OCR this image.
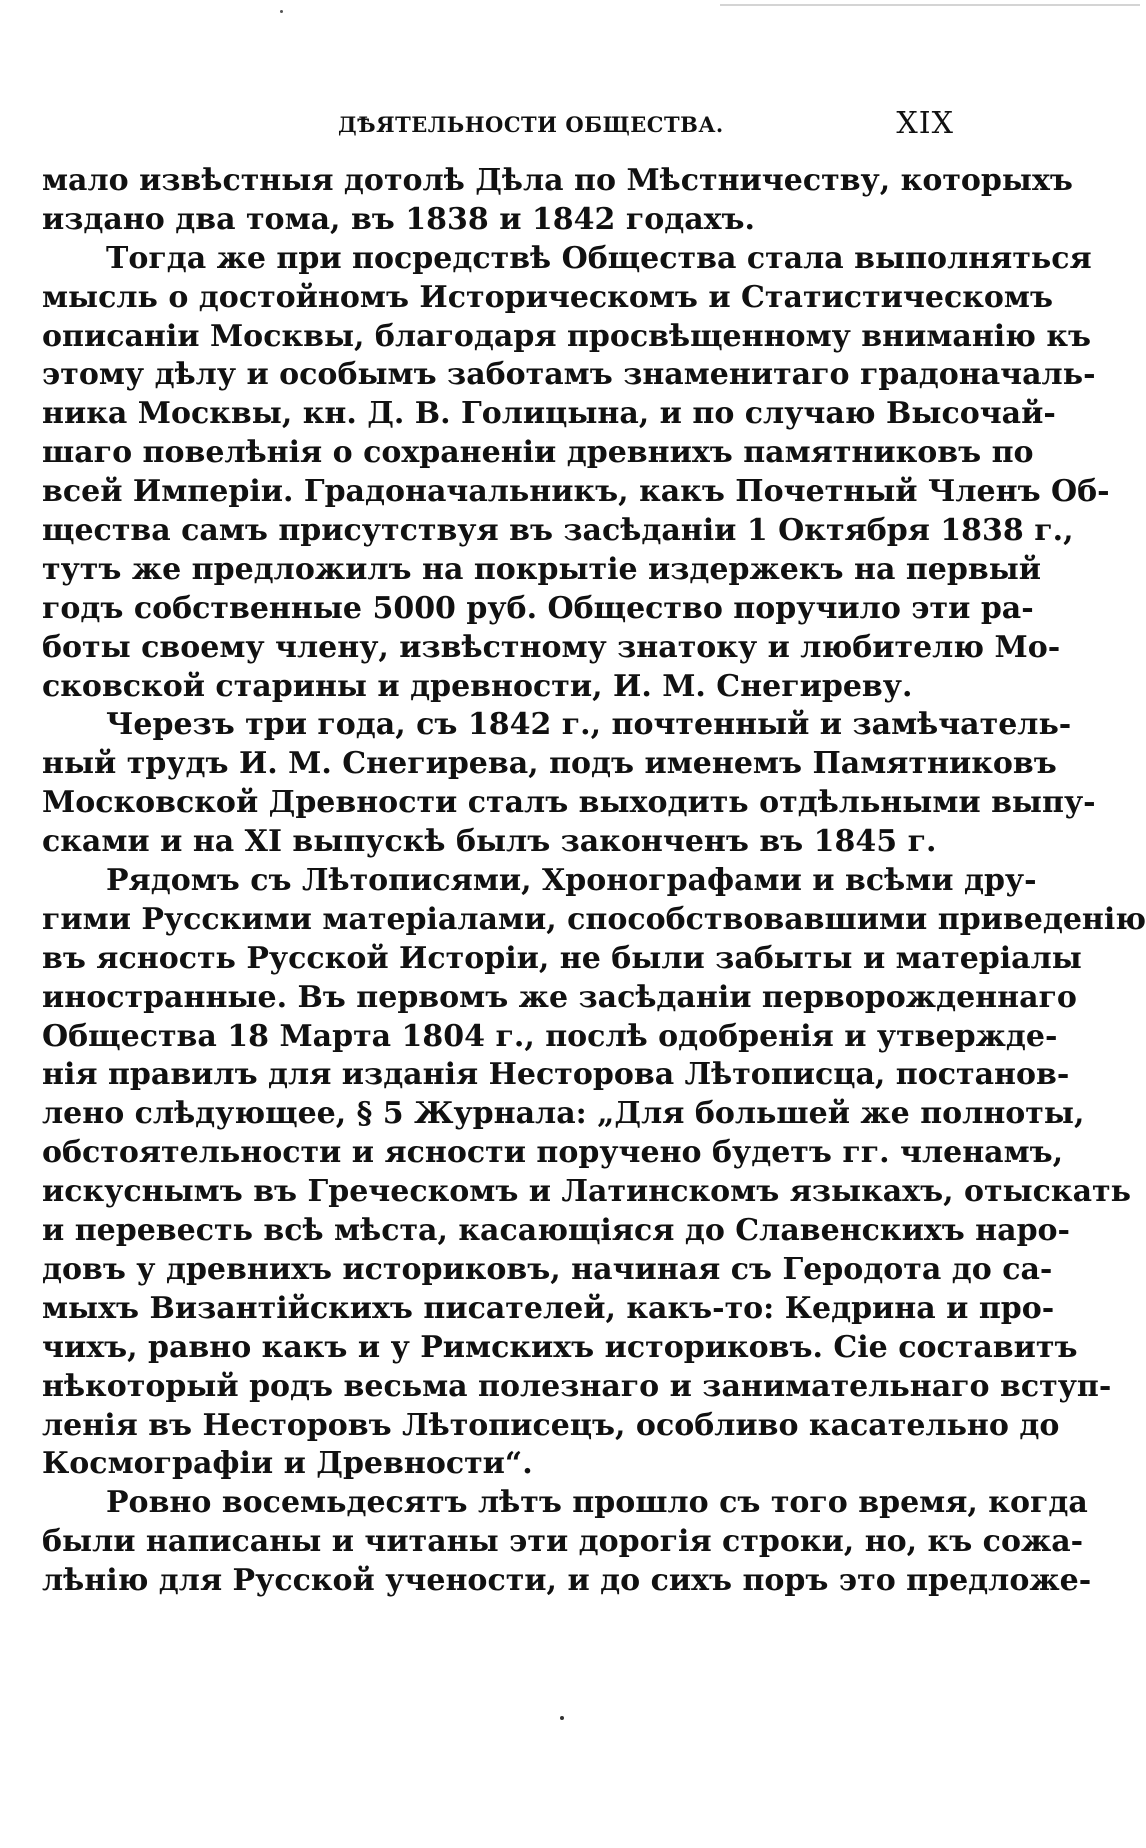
ДѢЯТЕЛЬНОСТИ ОБЩЕСТВА.	XIX
мало извѣстныя дотолѣ Дѣла по Мѣстничеству, которыхъ
издано два тома, въ 1838 и 1842 годахъ.
Тогда же при посредствѣ Общества стала выполняться
мысль о достойномъ Историческомъ и Статистическомъ
описаніи Москвы, благодаря просвѣщенному вниманію къ
этому дѣлу и особымъ заботамъ знаменитаго градоначаль-
ника Москвы, кн. Д. В. Голицына, и по случаю Высочай-
шаго повелѣнія о сохраненіи древнихъ памятниковъ по
всей Имперіи. Градоначальникъ, какъ Почетный Членъ Об-
щества самъ присутствуя въ засѣданіи 1 Октября 1838 г.,
тутъ же предложилъ на покрытіе издержекъ на первый
годъ собственные 5000 руб. Общество поручило эти ра-
боты своему члену, извѣстному знатоку и любителю Мо-
сковской старины и древности, И. М. Снегиреву.
Черезъ три года, съ 1842 г., почтенный и замѣчатель-
ный трудъ И. М. Снегирева, подъ именемъ Памятниковъ
Московской Древности сталъ выходить отдѣльными выпу-
сками и на XI выпускѣ былъ законченъ въ 1845 г.
Рядомъ съ Лѣтописями, Хронографами и всѣми дру-
гими Русскими матеріалами, способствовавшими приведенію
въ ясность Русской Исторіи, не были забыты и матеріалы
иностранные. Въ первомъ же засѣданіи перворожденнаго
Общества 18 Марта 1804 г., послѣ одобренія и утвержде-
нія правилъ для изданія Несторова Лѣтописца, постанов-
лено слѣдующее, § 5 Журнала: „Для большей же полноты,
обстоятельности и ясности поручено будетъ гг. членамъ,
искуснымъ въ Греческомъ и Латинскомъ языкахъ, отыскать
и перевесть всѣ мѣста, касающіяся до Славенскихъ наро-
довъ у древнихъ историковъ, начиная съ Геродота до са-
мыхъ Византійскихъ писателей, какъ-то: Кедрина и про-
чихъ, равно какъ и у Римскихъ историковъ. Сіе составитъ
нѣкоторый родъ весьма полезнаго и занимательнаго вступ-
ленія въ Несторовъ Лѣтописецъ, особливо касательно до
Космографіи и Древности“.
Ровно восемьдесятъ лѣтъ прошло съ того время, когда
были написаны и читаны эти дорогія строки, но, къ сожа-
лѣнію для Русской учености, и до сихъ поръ это предложе-
